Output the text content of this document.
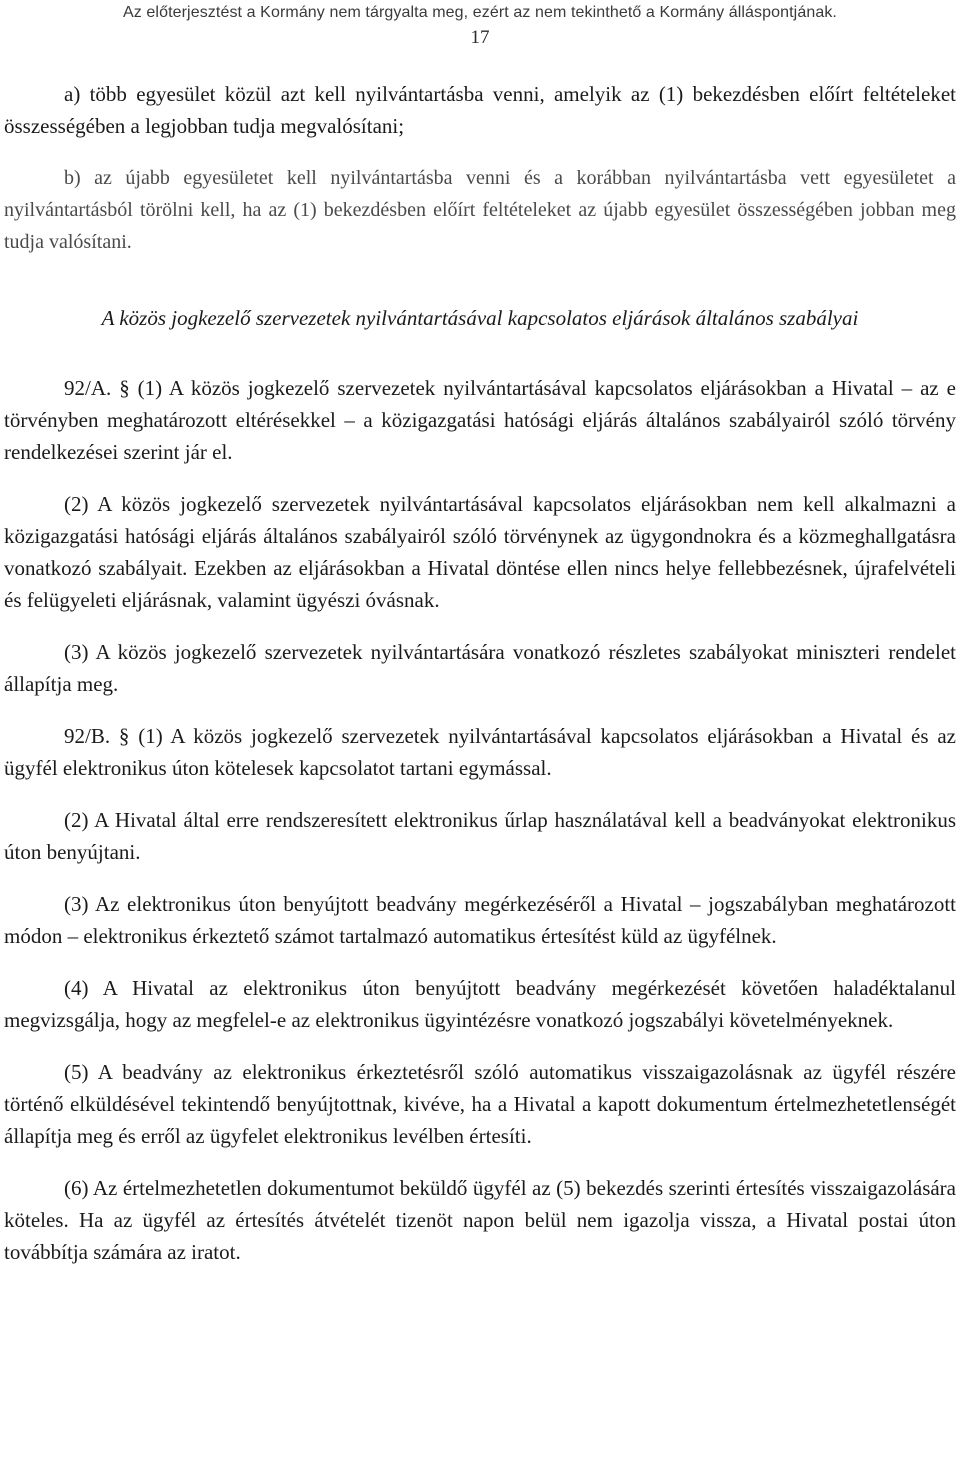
Az előterjesztést a Kormány nem tárgyalta meg, ezért az nem tekinthető a Kormány álláspontjának.
17

a) több egyesület közül azt kell nyilvántartásba venni, amelyik az (1) bekezdésben előírt feltételeket összességében a legjobban tudja megvalósítani;

b) az újabb egyesületet kell nyilvántartásba venni és a korábban nyilvántartásba vett egyesületet a nyilvántartásból törölni kell, ha az (1) bekezdésben előírt feltételeket az újabb egyesület összességében jobban meg tudja valósítani.

A közös jogkezelő szervezetek nyilvántartásával kapcsolatos eljárások általános szabályai

92/A. § (1) A közös jogkezelő szervezetek nyilvántartásával kapcsolatos eljárásokban a Hivatal – az e törvényben meghatározott eltérésekkel – a közigazgatási hatósági eljárás általános szabályairól szóló törvény rendelkezései szerint jár el.

(2) A közös jogkezelő szervezetek nyilvántartásával kapcsolatos eljárásokban nem kell alkalmazni a közigazgatási hatósági eljárás általános szabályairól szóló törvénynek az ügygondnokra és a közmeghallgatásra vonatkozó szabályait. Ezekben az eljárásokban a Hivatal döntése ellen nincs helye fellebbezésnek, újrafelvételi és felügyeleti eljárásnak, valamint ügyészi óvásnak.

(3) A közös jogkezelő szervezetek nyilvántartására vonatkozó részletes szabályokat miniszteri rendelet állapítja meg.

92/B. § (1) A közös jogkezelő szervezetek nyilvántartásával kapcsolatos eljárásokban a Hivatal és az ügyfél elektronikus úton kötelesek kapcsolatot tartani egymással.

(2) A Hivatal által erre rendszeresített elektronikus űrlap használatával kell a beadványokat elektronikus úton benyújtani.

(3) Az elektronikus úton benyújtott beadvány megérkezéséről a Hivatal – jogszabályban meghatározott módon – elektronikus érkeztető számot tartalmazó automatikus értesítést küld az ügyfélnek.

(4) A Hivatal az elektronikus úton benyújtott beadvány megérkezését követően haladéktalanul megvizsgálja, hogy az megfelel-e az elektronikus ügyintézésre vonatkozó jogszabályi követelményeknek.

(5) A beadvány az elektronikus érkeztetésről szóló automatikus visszaigazolásnak az ügyfél részére történő elküldésével tekintendő benyújtottnak, kivéve, ha a Hivatal a kapott dokumentum értelmezhetetlenségét állapítja meg és erről az ügyfelet elektronikus levélben értesíti.

(6) Az értelmezhetetlen dokumentumot beküldő ügyfél az (5) bekezdés szerinti értesítés visszaigazolására köteles. Ha az ügyfél az értesítés átvételét tizenöt napon belül nem igazolja vissza, a Hivatal postai úton továbbítja számára az iratot.
